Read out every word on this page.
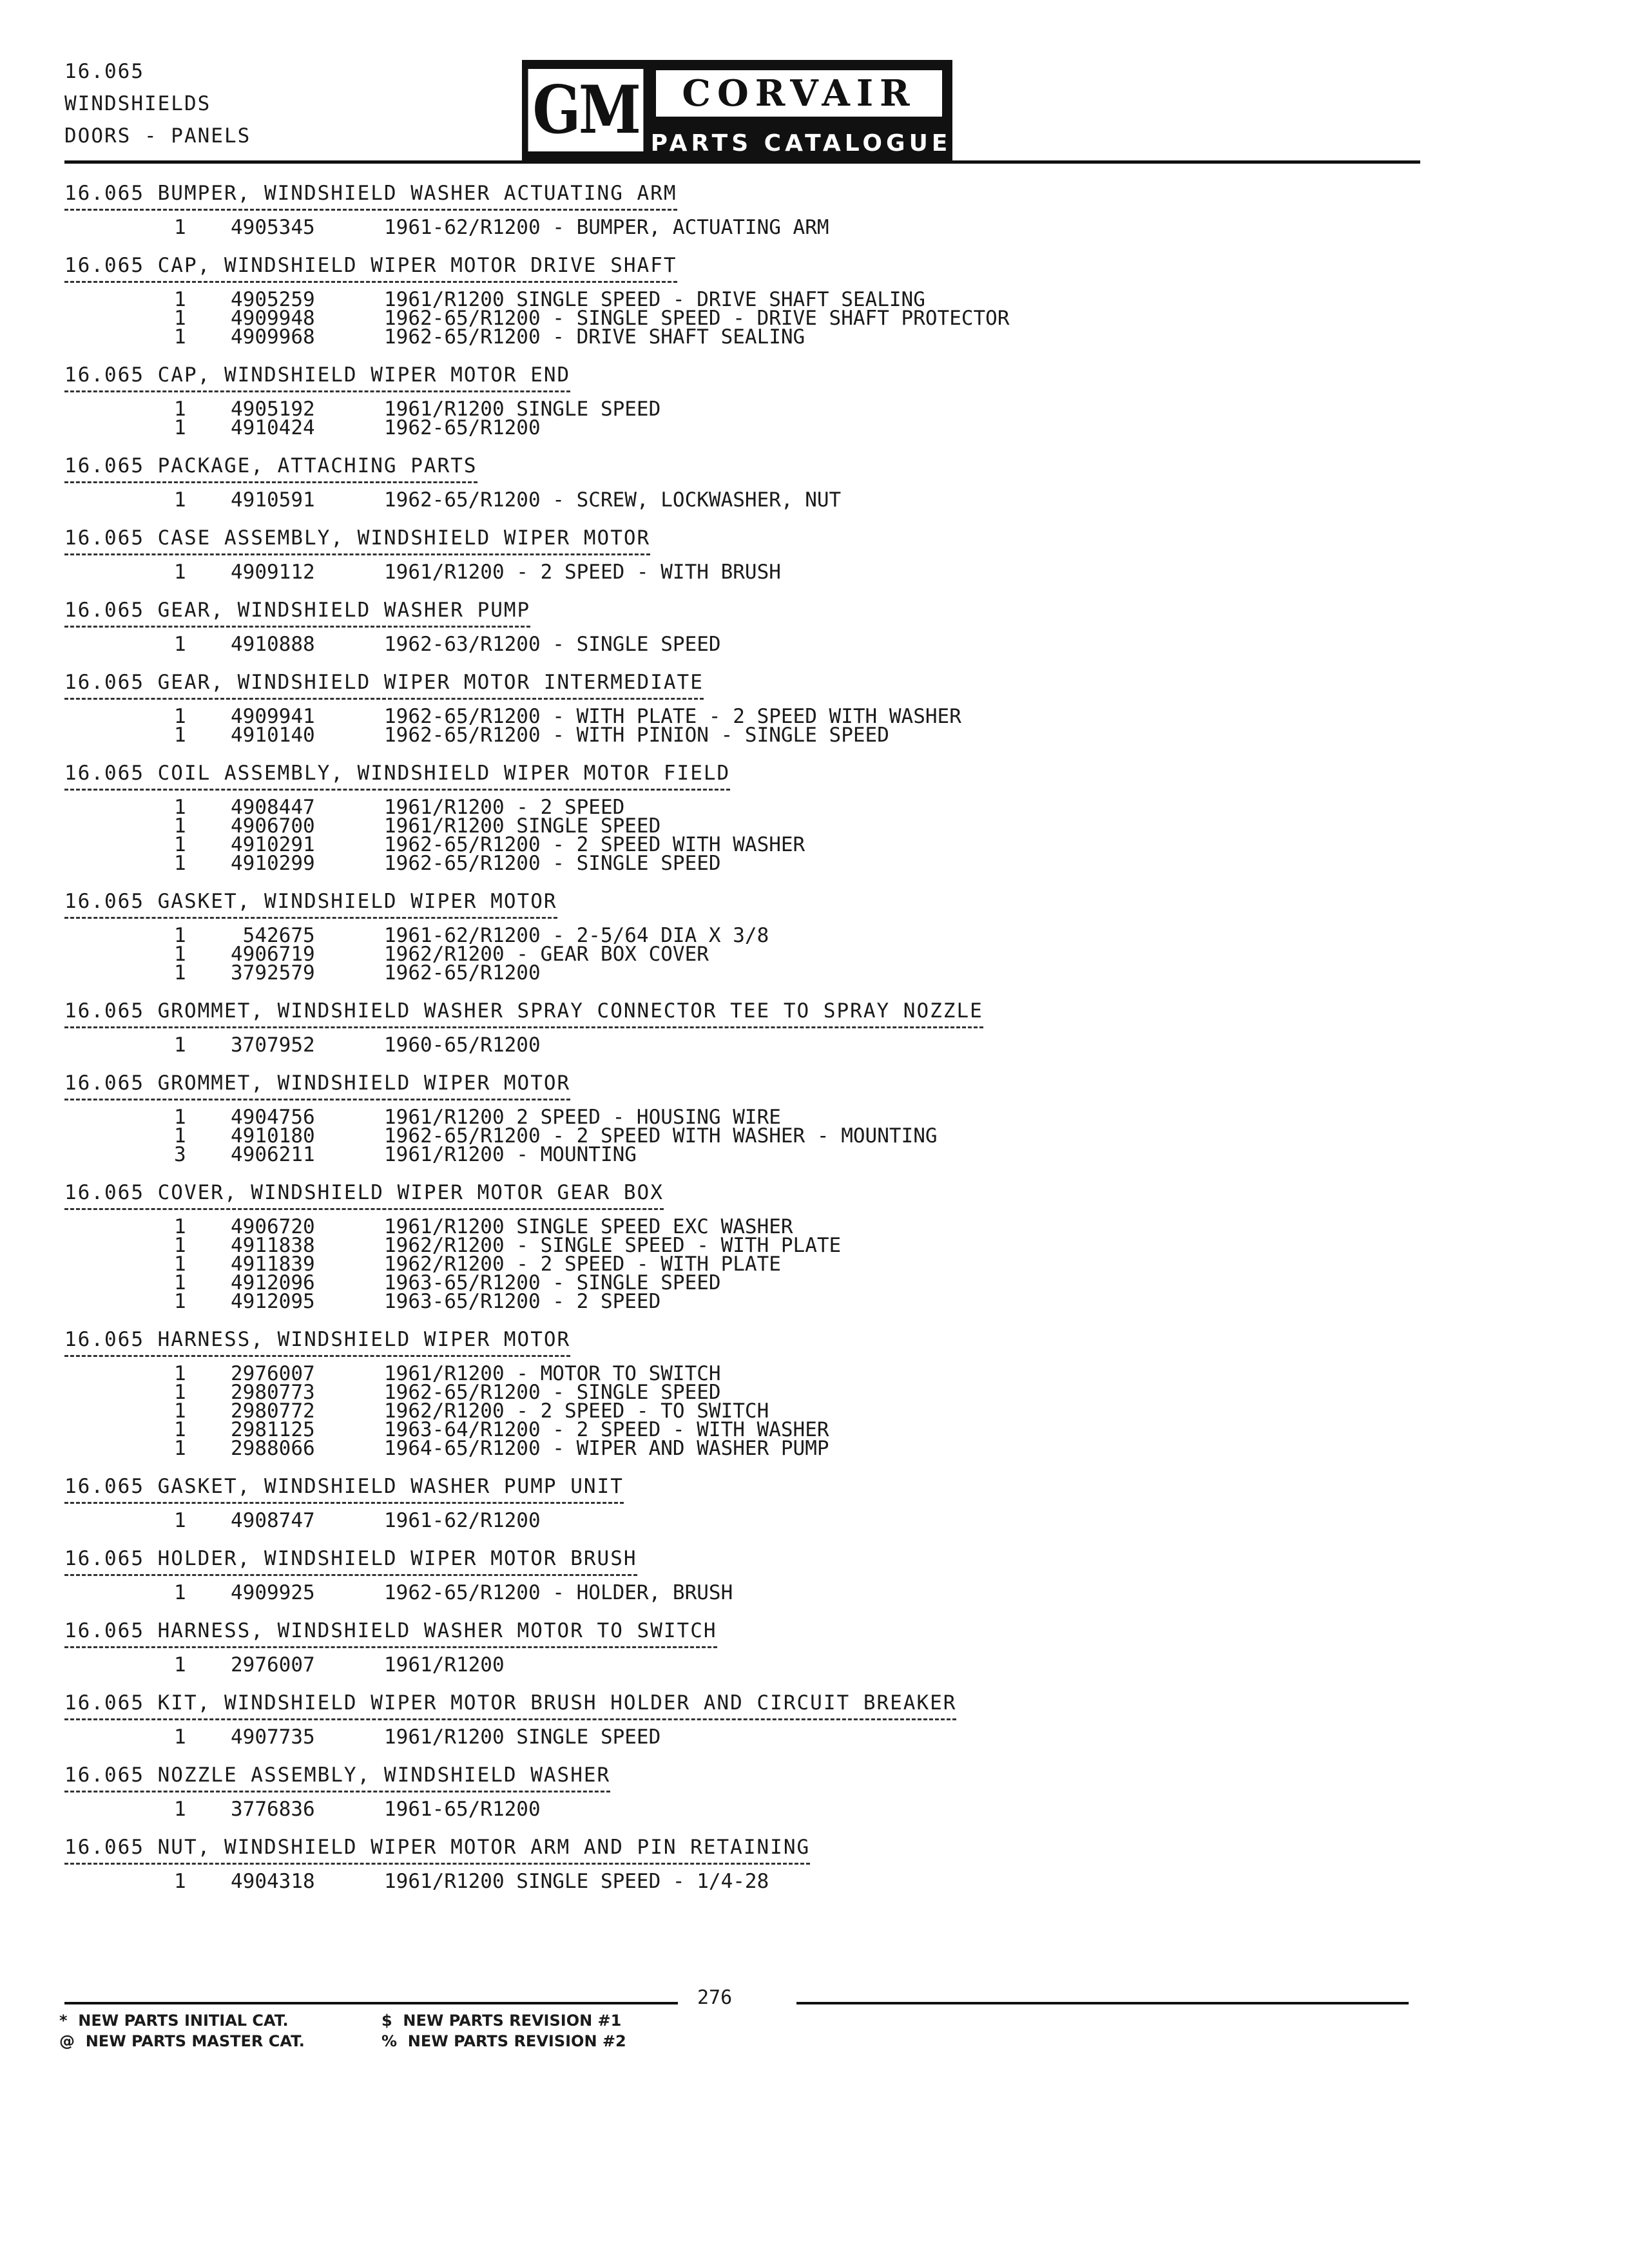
16.065
WINDSHIELDS
DOORS - PANELS	GM	CORVAIR
PARTS CATALOGUE
16.065 BUMPER, WINDSHIELD WASHER ACTUATING ARM
1 4905345	1961-62/R1200 - BUMPER, ACTUATING ARM
16.065 CAP, WINDSHIELD WIPER MOTOR DRIVE SHAFT
1 4905259	1961/R1200 SINGLE SPEED - DRIVE SHAFT SEALING
1 4909948	1962-65/R1200 - SINGLE SPEED - DRIVE SHAFT PROTECTOR
1 4909968	1962-65/R1200 - DRIVE SHAFT SEALING
16.065 CAP, WINDSHIELD WIPER MOTOR END
1 4905192	1961/R1200 SINGLE SPEED
1 4910424	1962-65/R1200
16.065 PACKAGE, ATTACHING PARTS
1 4910591	1962-65/R1200 - SCREW, LOCKWASHER, NUT
16.065 CASE ASSEMBLY, WINDSHIELD WIPER MOTOR
1 4909112	1961/R1200 - 2 SPEED - WITH BRUSH
16.065 GEAR, WINDSHIELD WASHER PUMP
1 4910888	1962-63/R1200 - SINGLE SPEED
16.065 GEAR, WINDSHIELD WIPER MOTOR INTERMEDIATE
1 4909941	1962-65/R1200 - WITH PLATE - 2 SPEED WITH WASHER
1 4910140	1962-65/R1200 - WITH PINION - SINGLE SPEED
16.065 COIL ASSEMBLY, WINDSHIELD WIPER MOTOR FIELD
1 4908447	1961/R1200 - 2 SPEED
1 4906700	1961/R1200 SINGLE SPEED
1 4910291	1962-65/R1200 - 2 SPEED WITH WASHER
1 4910299	1962-65/R1200 - SINGLE SPEED
16.065 GASKET, WINDSHIELD WIPER MOTOR
1 542675	1961-62/R1200 - 2-5/64 DIA X 3/8
1 4906719	1962/R1200 - GEAR BOX COVER
1 3792579	1962-65/R1200
16.065 GROMMET, WINDSHIELD WASHER SPRAY CONNECTOR TEE TO SPRAY NOZZLE
1 3707952	1960-65/R1200
16.065 GROMMET, WINDSHIELD WIPER MOTOR
1 4904756	1961/R1200 2 SPEED - HOUSING WIRE
1 4910180	1962-65/R1200 - 2 SPEED WITH WASHER - MOUNTING
3 4906211	1961/R1200 - MOUNTING
16.065 COVER, WINDSHIELD WIPER MOTOR GEAR BOX
1 4906720	1961/R1200 SINGLE SPEED EXC WASHER
1 4911838	1962/R1200 - SINGLE SPEED - WITH PLATE
1 4911839	1962/R1200 - 2 SPEED - WITH PLATE
1 4912096	1963-65/R1200 - SINGLE SPEED
1 4912095	1963-65/R1200 - 2 SPEED
16.065 HARNESS, WINDSHIELD WIPER MOTOR
1 2976007	1961/R1200 - MOTOR TO SWITCH
1 2980773	1962-65/R1200 - SINGLE SPEED
1 2980772	1962/R1200 - 2 SPEED - TO SWITCH
1 2981125	1963-64/R1200 - 2 SPEED - WITH WASHER
1 2988066	1964-65/R1200 - WIPER AND WASHER PUMP
16.065 GASKET, WINDSHIELD WASHER PUMP UNIT
1 4908747	1961-62/R1200
16.065 HOLDER, WINDSHIELD WIPER MOTOR BRUSH
1 4909925	1962-65/R1200 - HOLDER, BRUSH
16.065 HARNESS, WINDSHIELD WASHER MOTOR TO SWITCH
1 2976007	1961/R1200
16.065 KIT, WINDSHIELD WIPER MOTOR BRUSH HOLDER AND CIRCUIT BREAKER
1 4907735	1961/R1200 SINGLE SPEED
16.065 NOZZLE ASSEMBLY, WINDSHIELD WASHER
1 3776836	1961-65/R1200
16.065 NUT, WINDSHIELD WIPER MOTOR ARM AND PIN RETAINING
1 4904318	1961/R1200 SINGLE SPEED - 1/4-28
276
*  NEW PARTS INITIAL CAT.	$  NEW PARTS REVISION #1
@  NEW PARTS MASTER CAT.	%  NEW PARTS REVISION #2
